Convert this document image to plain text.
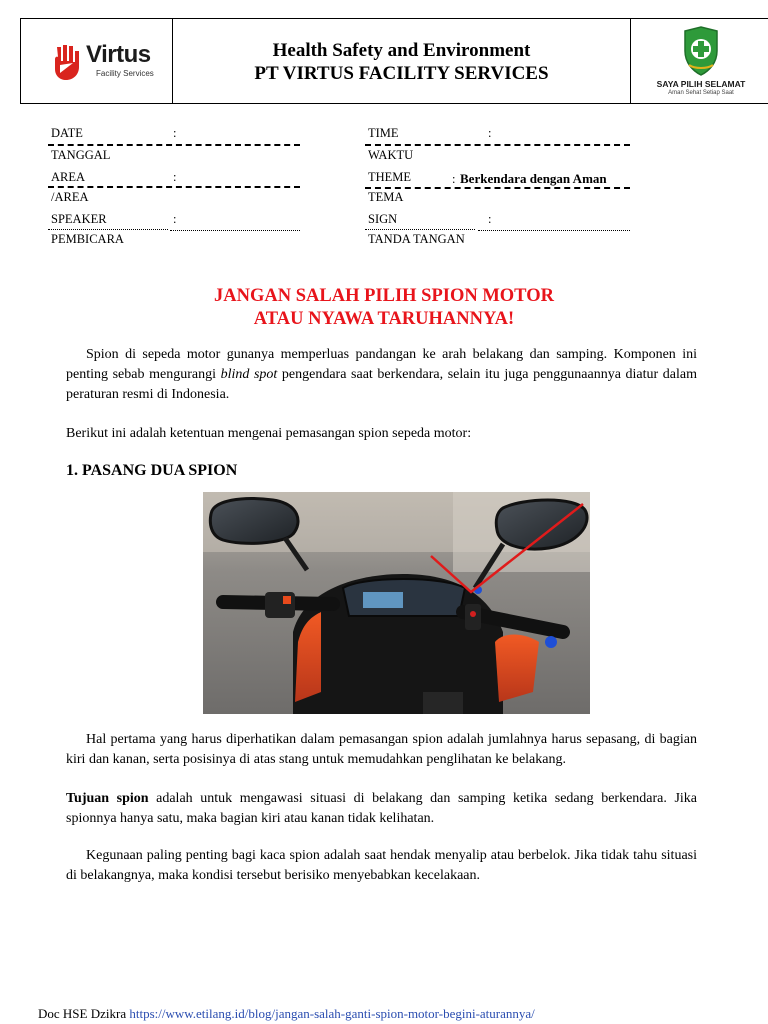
Virtus
Facility Services
Health Safety and Environment
PT VIRTUS FACILITY SERVICES	SAYA PILIH SELAMAT
Aman Sehat Setiap Saat
DATE	:
TANGGAL
AREA	:
/AREA
SPEAKER	:
PEMBICARA
TIME	:
WAKTU
THEME	: Berkendara dengan Aman
TEMA
SIGN	:
TANDA TANGAN
JANGAN SALAH PILIH SPION MOTOR
ATAU NYAWA TARUHANNYA!
Spion di sepeda motor gunanya memperluas pandangan ke arah belakang dan samping. Komponen ini penting sebab mengurangi blind spot pengendara saat berkendara, selain itu juga penggunaannya diatur dalam peraturan resmi di Indonesia.
Berikut ini adalah ketentuan mengenai pemasangan spion sepeda motor:
1. PASANG DUA SPION
Hal pertama yang harus diperhatikan dalam pemasangan spion adalah jumlahnya harus sepasang, di bagian kiri dan kanan, serta posisinya di atas stang untuk memudahkan penglihatan ke belakang.
Tujuan spion adalah untuk mengawasi situasi di belakang dan samping ketika sedang berkendara. Jika spionnya hanya satu, maka bagian kiri atau kanan tidak kelihatan.
Kegunaan paling penting bagi kaca spion adalah saat hendak menyalip atau berbelok. Jika tidak tahu situasi di belakangnya, maka kondisi tersebut berisiko menyebabkan kecelakaan.
Doc HSE Dzikra https://www.etilang.id/blog/jangan-salah-ganti-spion-motor-begini-aturannya/
